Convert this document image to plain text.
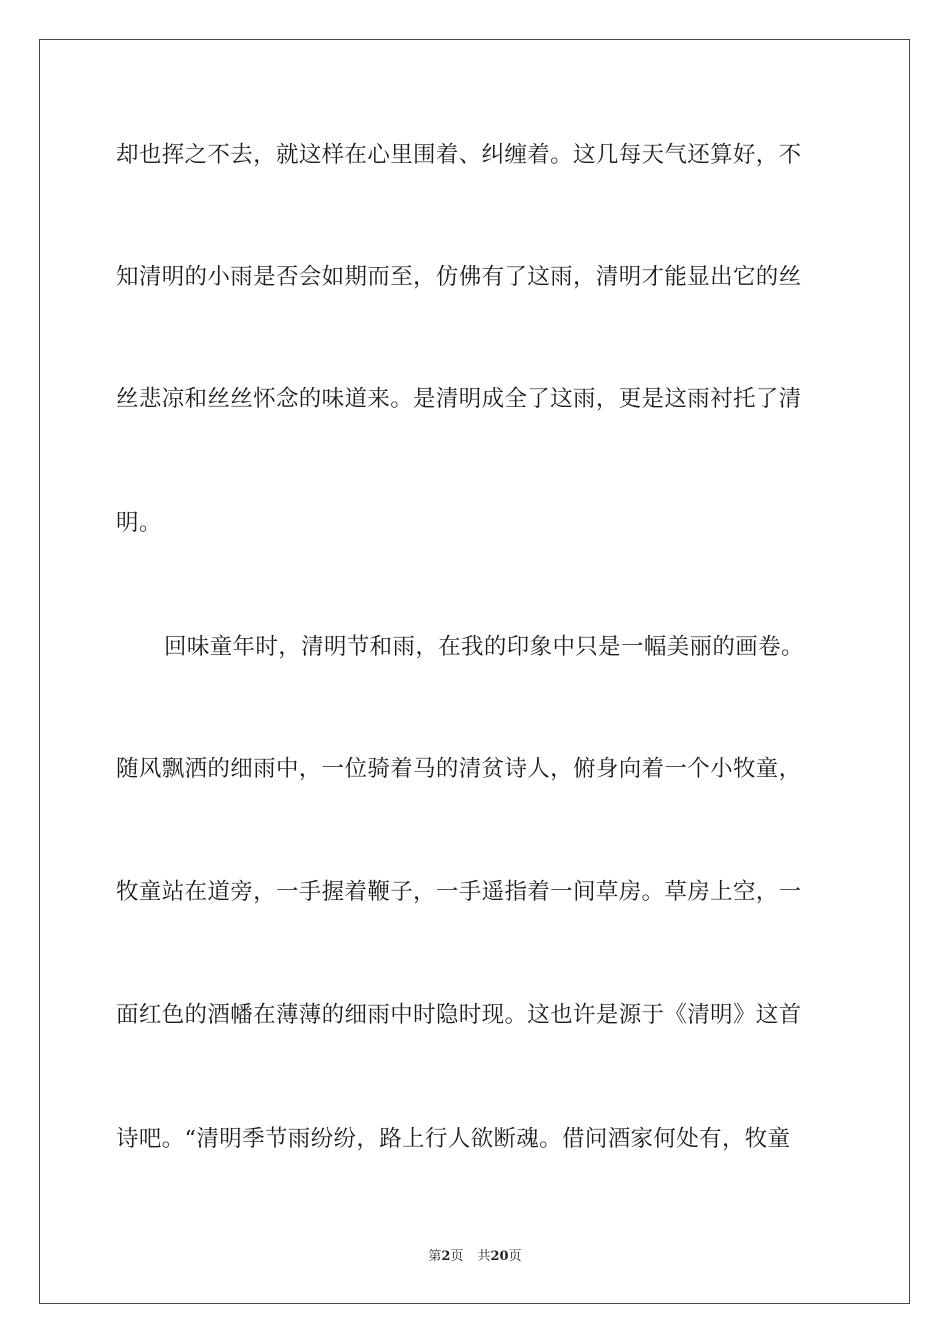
却也挥之不去，就这样在心里围着、纠缠着。这几每天气还算好，不
知清明的小雨是否会如期而至，仿佛有了这雨，清明才能显出它的丝
丝悲凉和丝丝怀念的味道来。是清明成全了这雨，更是这雨衬托了清
明。
回味童年时，清明节和雨，在我的印象中只是一幅美丽的画卷。
随风飘洒的细雨中，一位骑着马的清贫诗人，俯身向着一个小牧童，
牧童站在道旁，一手握着鞭子，一手遥指着一间草房。草房上空，一
面红色的酒幡在薄薄的细雨中时隐时现。这也许是源于《清明》这首
诗吧。“清明季节雨纷纷，路上行人欲断魂。借问酒家何处有，牧童
第2页 共20页
